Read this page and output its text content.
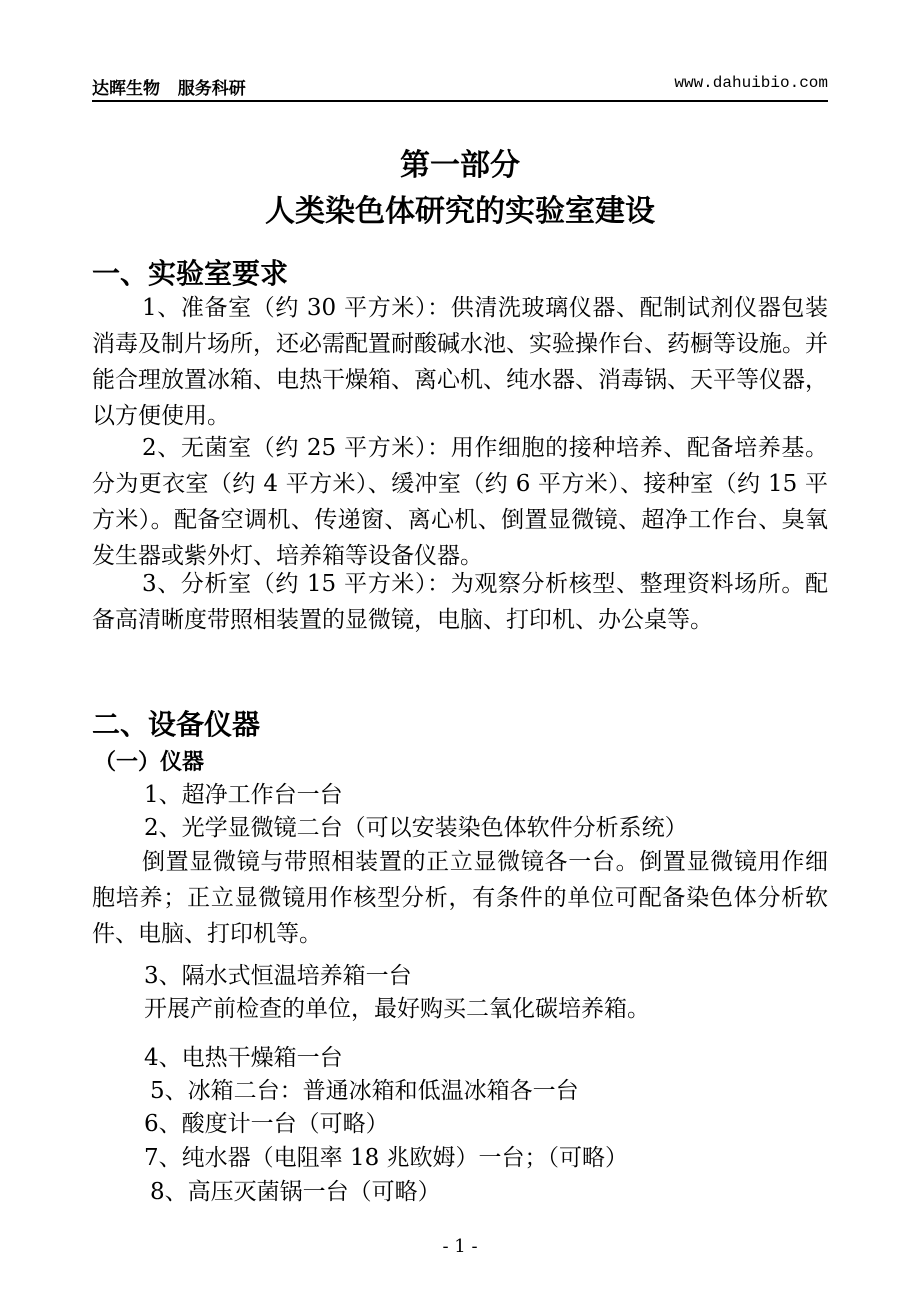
达晖生物   服务科研	www.dahuibio.com
第一部分
人类染色体研究的实验室建设
一、实验室要求

1、准备室（约 30 平方米）：供清洗玻璃仪器、配制试剂仪器包装消毒及制片场所，还必需配置耐酸碱水池、实验操作台、药橱等设施。并能合理放置冰箱、电热干燥箱、离心机、纯水器、消毒锅、天平等仪器，以方便使用。

2、无菌室（约 25 平方米）：用作细胞的接种培养、配备培养基。分为更衣室（约 4 平方米）、缓冲室（约 6 平方米）、接种室（约 15 平方米）。配备空调机、传递窗、离心机、倒置显微镜、超净工作台、臭氧发生器或紫外灯、培养箱等设备仪器。

3、分析室（约 15 平方米）：为观察分析核型、整理资料场所。配备高清晰度带照相装置的显微镜，电脑、打印机、办公桌等。

二、设备仪器
（一）仪器
1、超净工作台一台
2、光学显微镜二台（可以安装染色体软件分析系统）

倒置显微镜与带照相装置的正立显微镜各一台。倒置显微镜用作细胞培养；正立显微镜用作核型分析，有条件的单位可配备染色体分析软件、电脑、打印机等。

3、隔水式恒温培养箱一台
开展产前检查的单位，最好购买二氧化碳培养箱。
4、电热干燥箱一台
5、冰箱二台：普通冰箱和低温冰箱各一台
6、酸度计一台（可略）
7、纯水器（电阻率 18 兆欧姆）一台；（可略）
8、高压灭菌锅一台（可略）
- 1 -
